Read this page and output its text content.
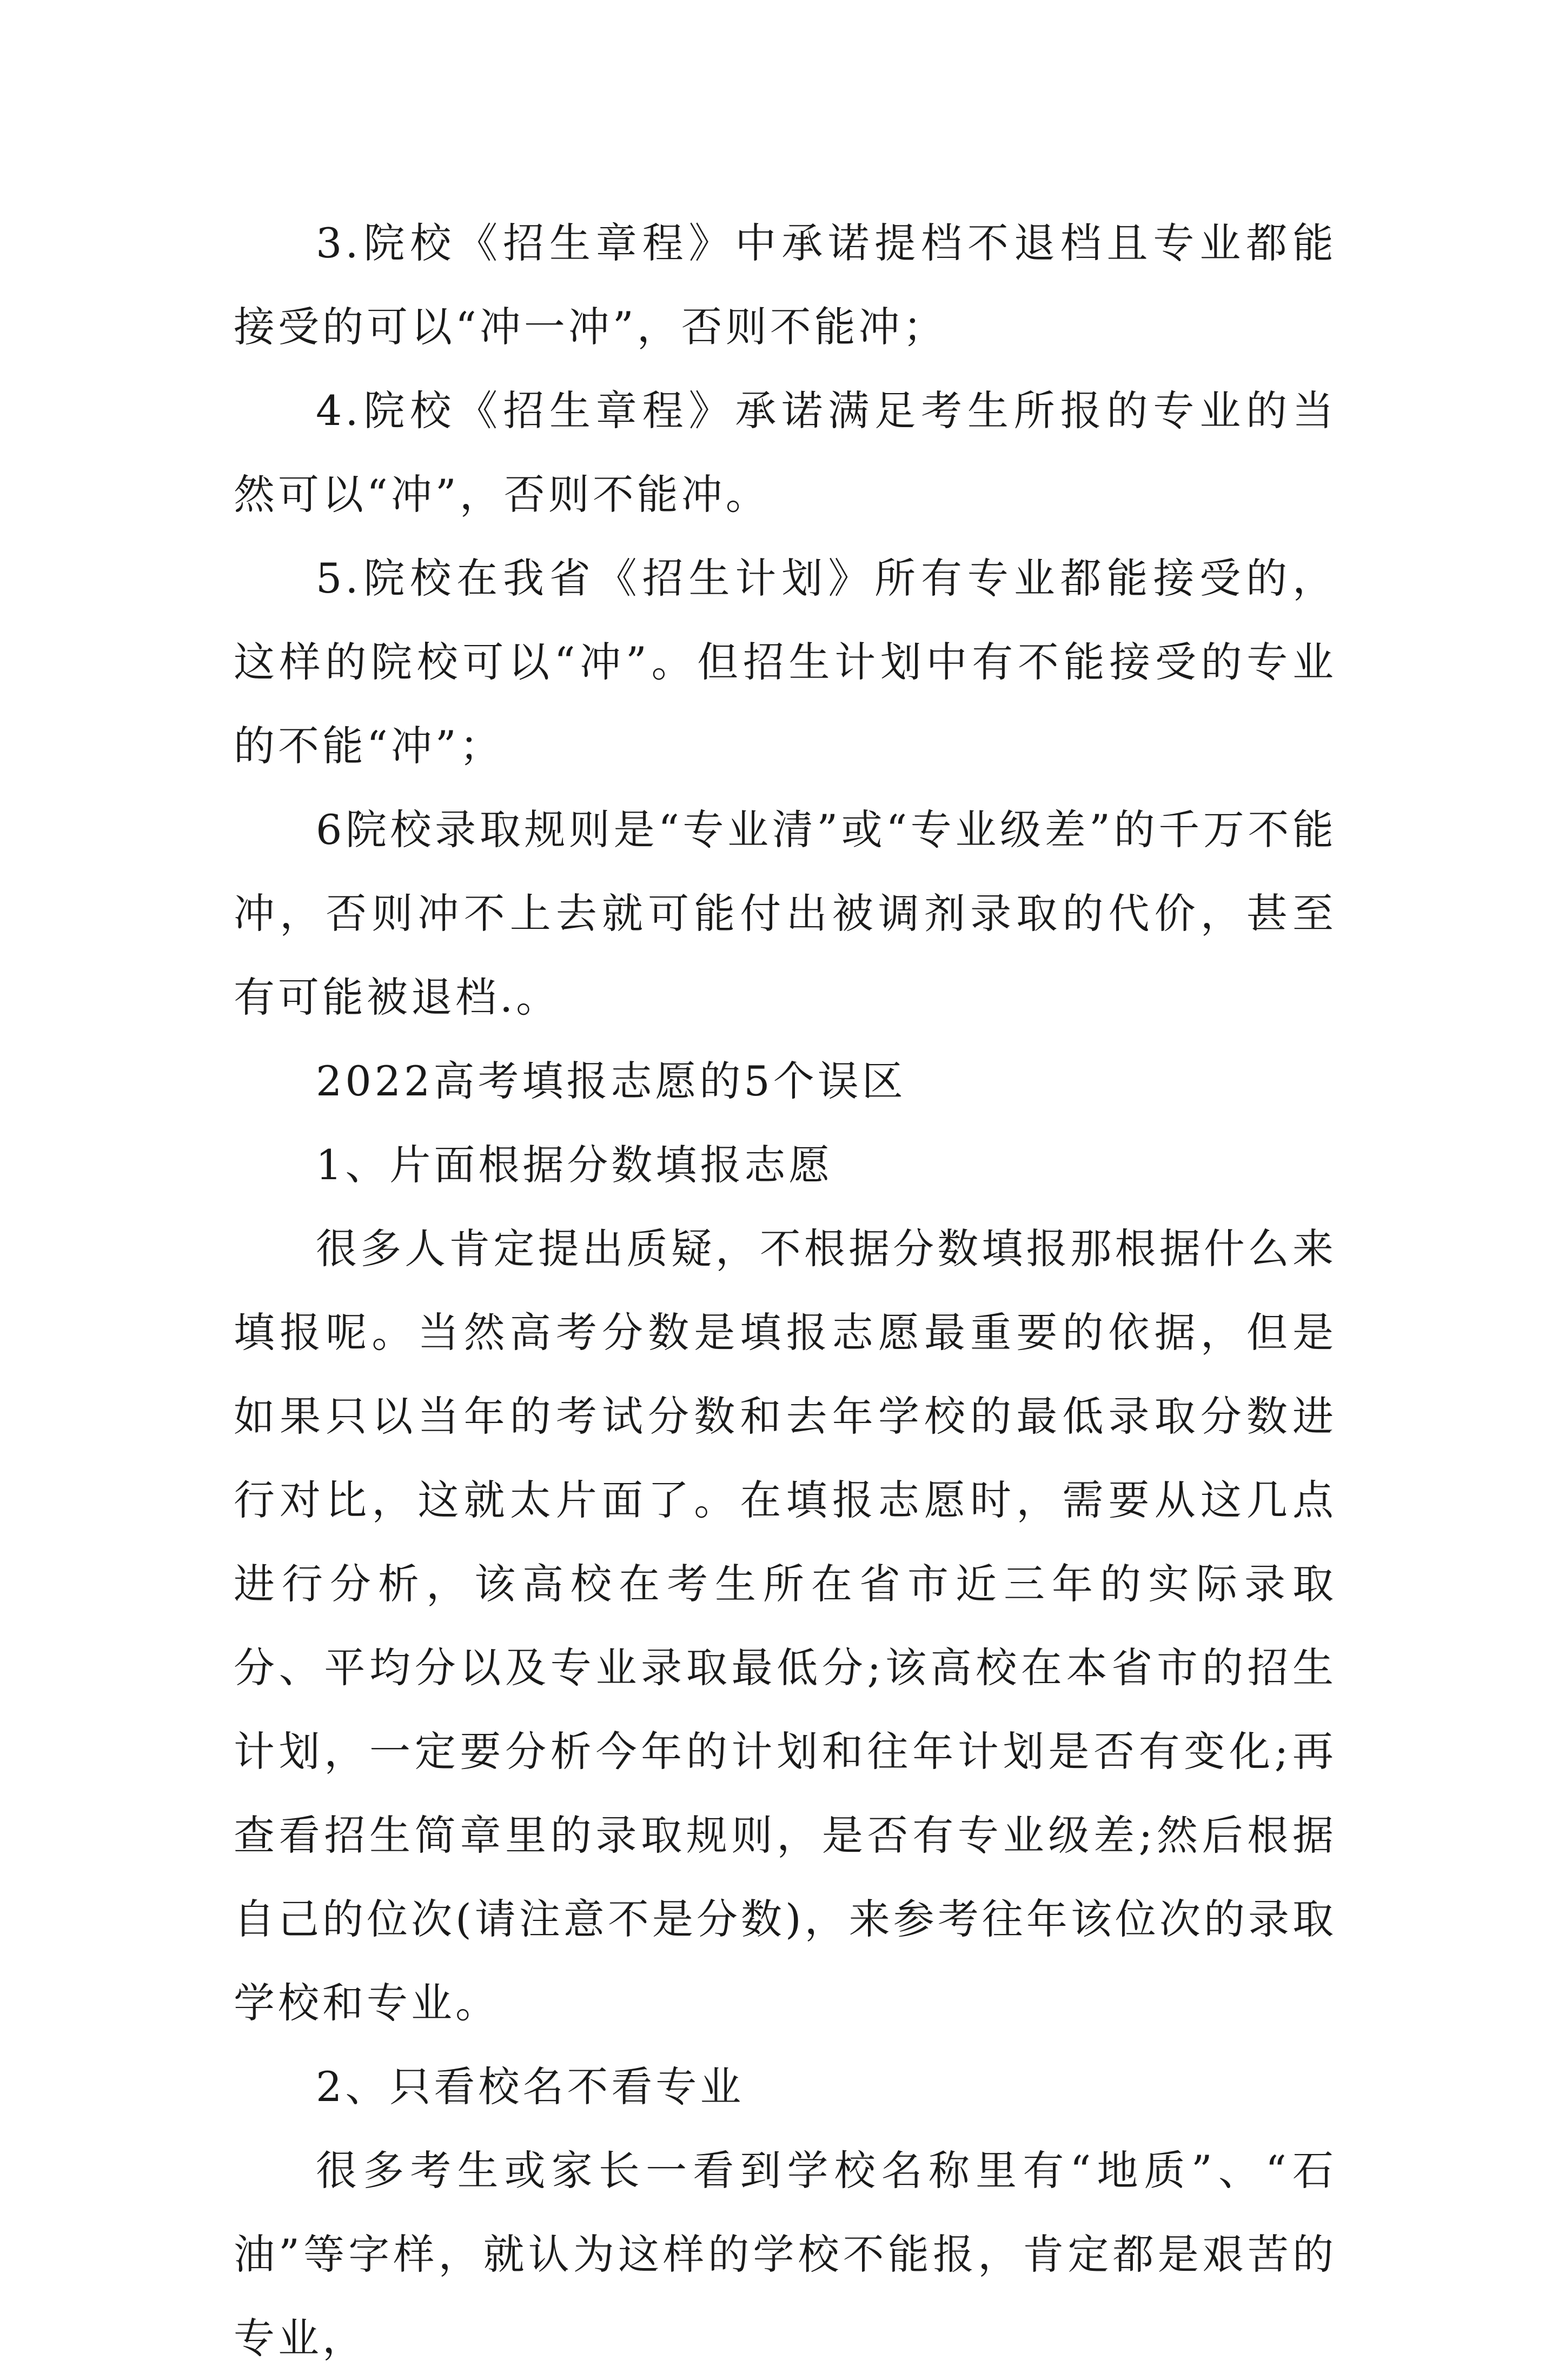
3.院校《招生章程》中承诺提档不退档且专业都能接受的可以“冲一冲”，否则不能冲；

4.院校《招生章程》承诺满足考生所报的专业的当然可以“冲”，否则不能冲。

5.院校在我省《招生计划》所有专业都能接受的，这样的院校可以“冲”。但招生计划中有不能接受的专业的不能“冲”；

6院校录取规则是“专业清”或“专业级差”的千万不能冲，否则冲不上去就可能付出被调剂录取的代价，甚至有可能被退档.。

2022高考填报志愿的5个误区

1、片面根据分数填报志愿

很多人肯定提出质疑，不根据分数填报那根据什么来填报呢。当然高考分数是填报志愿最重要的依据，但是如果只以当年的考试分数和去年学校的最低录取分数进行对比，这就太片面了。在填报志愿时，需要从这几点进行分析，该高校在考生所在省市近三年的实际录取分、平均分以及专业录取最低分;该高校在本省市的招生计划，一定要分析今年的计划和往年计划是否有变化;再查看招生简章里的录取规则，是否有专业级差;然后根据自己的位次(请注意不是分数)，来参考往年该位次的录取学校和专业。

2、只看校名不看专业

很多考生或家长一看到学校名称里有“地质”、“石油”等字样，就认为这样的学校不能报，肯定都是艰苦的专业，
